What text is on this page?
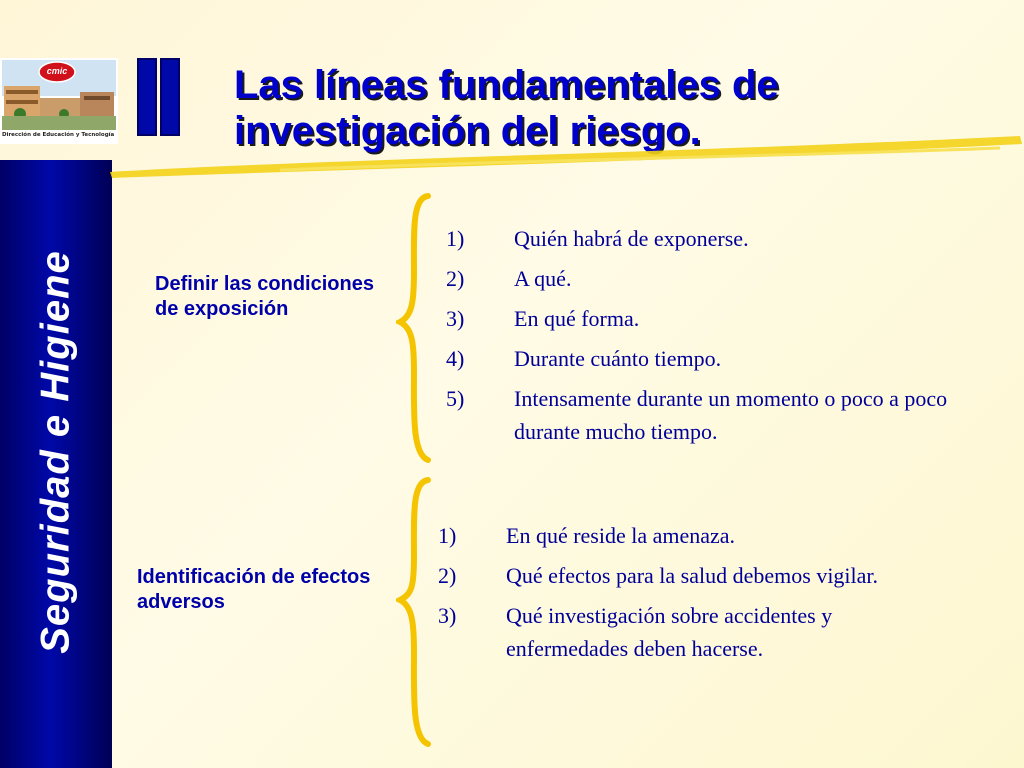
cmic
Dirección de Educación y Tecnología
Seguridad e Higiene
Las líneas fundamentales de investigación del riesgo.
Definir las condiciones de exposición
1)	Quién habrá de exponerse.
2)	A qué.
3)	En qué forma.
4)	Durante cuánto tiempo.
5)	Intensamente durante un momento o poco a poco durante mucho tiempo.
Identificación de efectos adversos
1)	En qué reside la amenaza.
2)	Qué efectos para la salud debemos vigilar.
3)	Qué investigación sobre accidentes y enfermedades deben hacerse.
